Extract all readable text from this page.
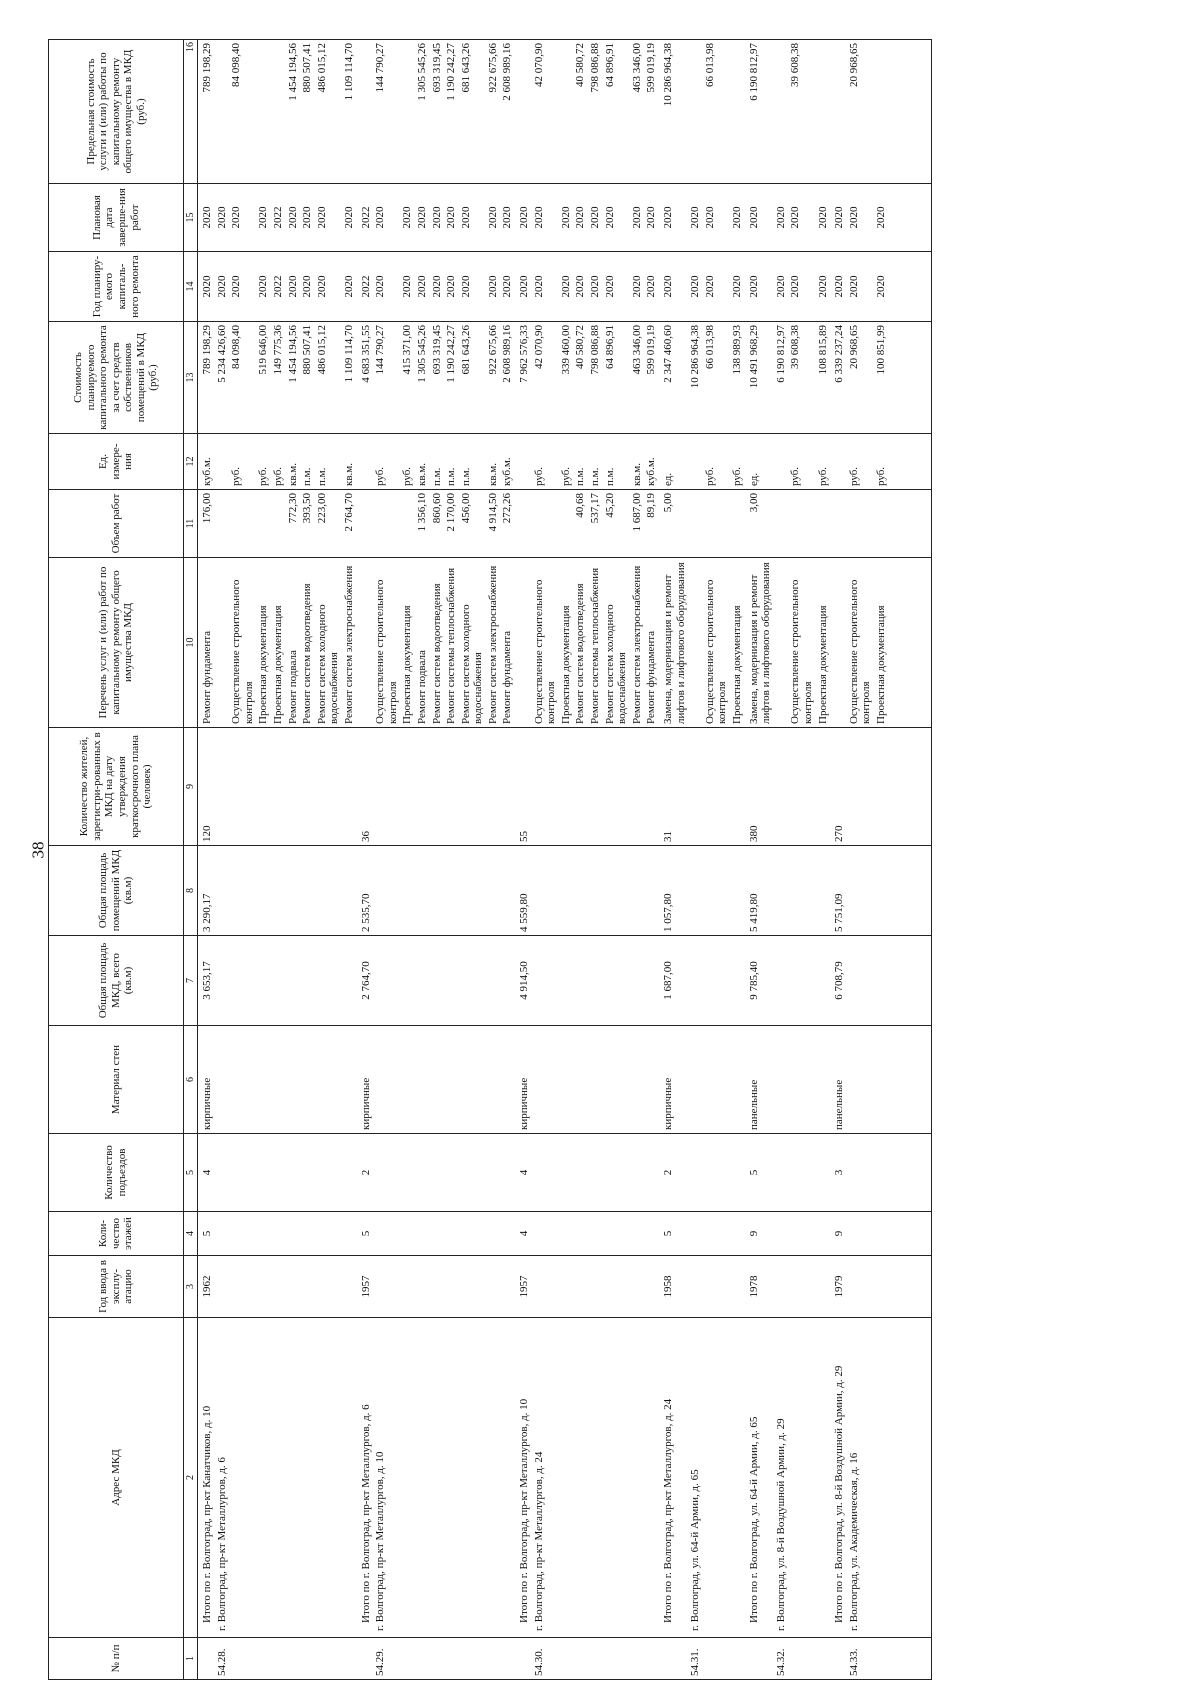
38
№ п/п	Адрес МКД	Год ввода в эксплу-атацию	Коли-чество этажей	Количество подъездов	Материал стен	Общая площадь МКД, всего (кв.м)	Общая площадь помещений МКД (кв.м)	Количество жителей, зарегистри-рованных в МКД на дату утверждения краткосрочного плана (человек)	Перечень услуг и (или) работ по капитальному ремонту общего имущества МКД	Объем работ	Ед. измере-ния	Стоимость планируемого капитального ремонта за счет средств собственников помещений в МКД (руб.)	Год планиру-емого капиталь-ного ремонта	Плановая дата заверше-ния работ	Предельная стоимость услуги и (или) работы по капитальному ремонту общего имущества в МКД (руб.)
1	2	3	4	5	6	7	8	9	10	11	12	13	14	15	16

	Итого по г. Волгоград, пр-кт Канатчиков, д. 10	1962	5	4	кирпичные	3 653,17	3 290,17	120	Ремонт фундамента	176,00	куб.м.	789 198,29	2020	2020	789 198,29

54.28.	г. Волгоград, пр-кт Металлургов, д. 6											5 234 426,60	2020	2020	

									Осуществление строительного контроля		руб.	84 098,40	2020	2020	84 098,40

									Проектная документация		руб.	519 646,00	2020	2020	

									Проектная документация		руб.	149 775,36	2022	2022	

									Ремонт подвала	772,30	кв.м.	1 454 194,56	2020	2020	1 454 194,56

									Ремонт систем водоотведения	393,50	п.м.	880 507,41	2020	2020	880 507,41

									Ремонт систем холодного водоснабжения	223,00	п.м.	486 015,12	2020	2020	486 015,12

									Ремонт систем электроснабжения	2 764,70	кв.м.	1 109 114,70	2020	2020	1 109 114,70

	Итого по г. Волгоград, пр-кт Металлургов, д. 6	1957	5	2	кирпичные	2 764,70	2 535,70	36				4 683 351,55	2022	2022	

54.29.	г. Волгоград, пр-кт Металлургов, д. 10								Осуществление строительного контроля		руб.	144 790,27	2020	2020	144 790,27

									Проектная документация		руб.	415 371,00	2020	2020	

									Ремонт подвала	1 356,10	кв.м.	1 305 545,26	2020	2020	1 305 545,26

									Ремонт систем водоотведения	860,60	п.м.	693 319,45	2020	2020	693 319,45

									Ремонт системы теплоснабжения	2 170,00	п.м.	1 190 242,27	2020	2020	1 190 242,27

									Ремонт систем холодного водоснабжения	456,00	п.м.	681 643,26	2020	2020	681 643,26

									Ремонт систем электроснабжения	4 914,50	кв.м.	922 675,66	2020	2020	922 675,66

									Ремонт фундамента	272,26	куб.м.	2 608 989,16	2020	2020	2 608 989,16

	Итого по г. Волгоград, пр-кт Металлургов, д. 10	1957	4	4	кирпичные	4 914,50	4 559,80	55				7 962 576,33	2020	2020	

54.30.	г. Волгоград, пр-кт Металлургов, д. 24								Осуществление строительного контроля		руб.	42 070,90	2020	2020	42 070,90

									Проектная документация		руб.	339 460,00	2020	2020	

									Ремонт систем водоотведения	40,68	п.м.	40 580,72	2020	2020	40 580,72

									Ремонт системы теплоснабжения	537,17	п.м.	798 086,88	2020	2020	798 086,88

									Ремонт систем холодного водоснабжения	45,20	п.м.	64 896,91	2020	2020	64 896,91

									Ремонт систем электроснабжения	1 687,00	кв.м.	463 346,00	2020	2020	463 346,00

									Ремонт фундамента	89,19	куб.м.	599 019,19	2020	2020	599 019,19

	Итого по г. Волгоград, пр-кт Металлургов, д. 24	1958	5	2	кирпичные	1 687,00	1 057,80	31	Замена, модернизация и ремонт лифтов и лифтового оборудования	5,00	ед.	2 347 460,60	2020	2020	10 286 964,38

54.31.	г. Волгоград, ул. 64-й Армии, д. 65											10 286 964,38	2020	2020	

									Осуществление строительного контроля		руб.	66 013,98	2020	2020	66 013,98

									Проектная документация		руб.	138 989,93	2020	2020	

	Итого по г. Волгоград, ул. 64-й Армии, д. 65	1978	9	5	панельные	9 785,40	5 419,80	380	Замена, модернизация и ремонт лифтов и лифтового оборудования	3,00	ед.	10 491 968,29	2020	2020	6 190 812,97

54.32.	г. Волгоград, ул. 8-й Воздушной Армии, д. 29											6 190 812,97	2020	2020	

									Осуществление строительного контроля		руб.	39 608,38	2020	2020	39 608,38

									Проектная документация		руб.	108 815,89	2020	2020	

	Итого по г. Волгоград, ул. 8-й Воздушной Армии, д. 29	1979	9	3	панельные	6 708,79	5 751,09	270				6 339 237,24	2020	2020	

54.33.	г. Волгоград, ул. Академическая, д. 16								Осуществление строительного контроля		руб.	20 968,65	2020	2020	20 968,65

									Проектная документация		руб.	100 851,99	2020	2020	
